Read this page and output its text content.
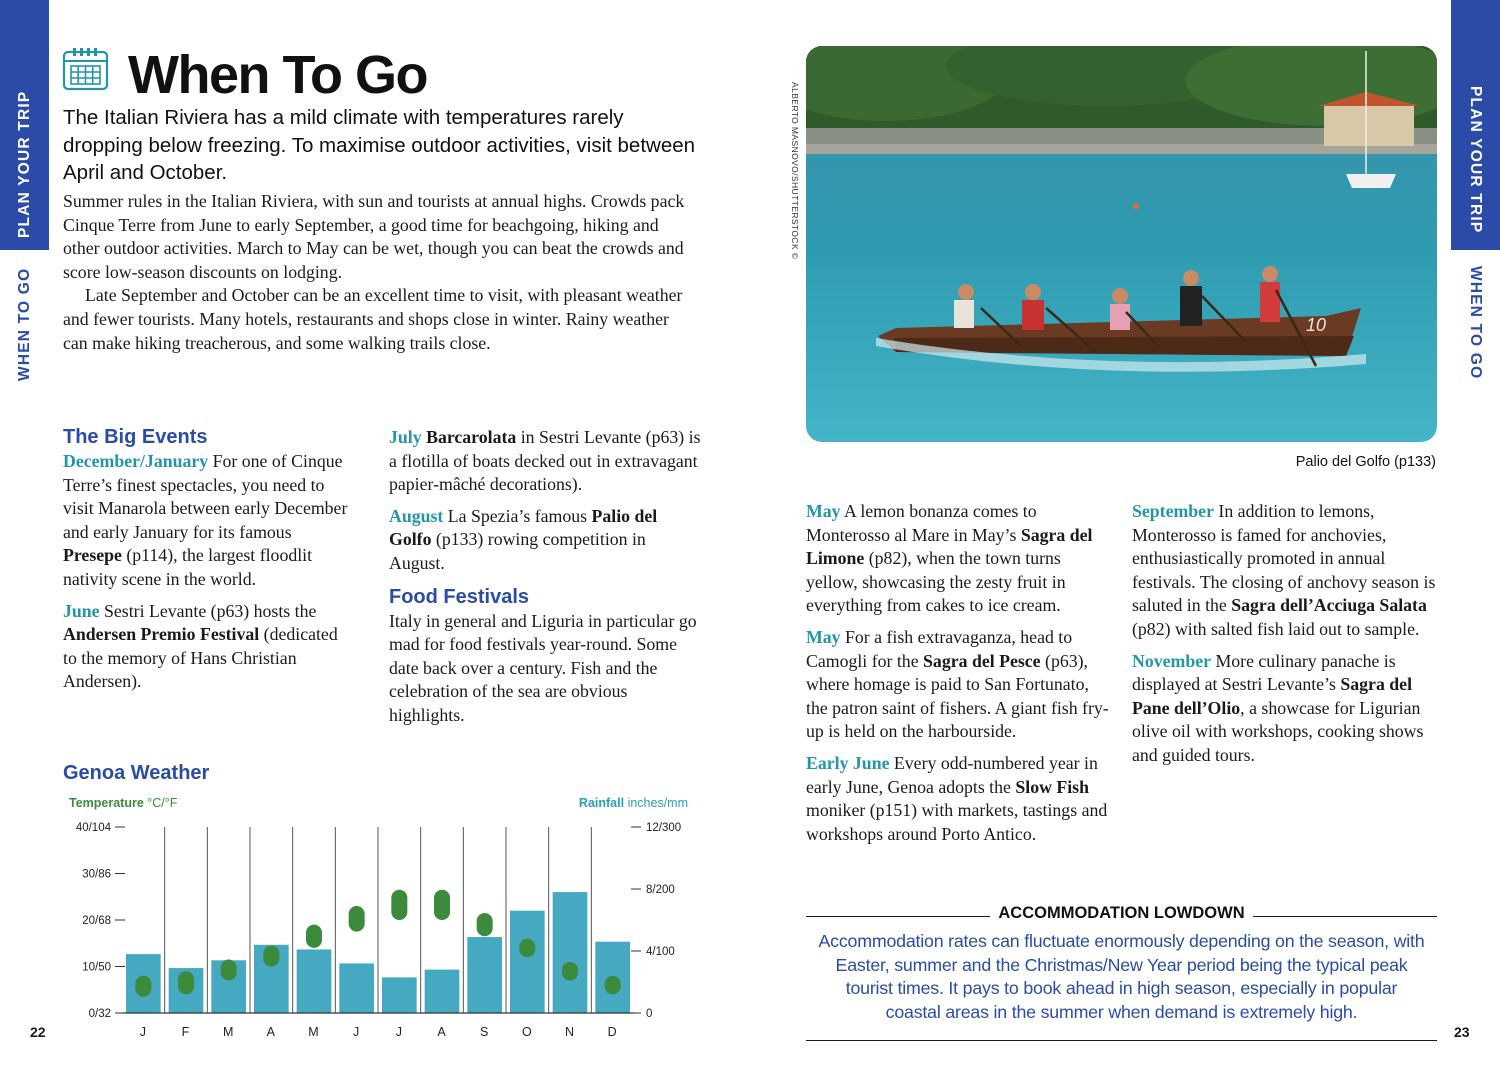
PLAN YOUR TRIP
WHEN TO GO
PLAN YOUR TRIP
WHEN TO GO
22	23
When To Go
The Italian Riviera has a mild climate with temperatures rarely dropping below freezing. To maximise outdoor activities, visit between April and October.

Summer rules in the Italian Riviera, with sun and tourists at annual highs. Crowds pack Cinque Terre from June to early September, a good time for beachgoing, hiking and other outdoor activities. March to May can be wet, though you can beat the crowds and score low-season discounts on lodging.

Late September and October can be an excellent time to visit, with pleasant weather and fewer tourists. Many hotels, restaurants and shops close in winter. Rainy weather can make hiking treacherous, and some walking trails close.

The Big Events

December/January For one of Cinque Terre’s finest spectacles, you need to visit Manarola between early December and early January for its famous Presepe (p114), the largest floodlit nativity scene in the world.

June Sestri Levante (p63) hosts the Andersen Premio Festival (dedicated to the memory of Hans Christian Andersen).

July Barcarolata in Sestri Levante (p63) is a flotilla of boats decked out in extravagant papier-mâché decorations).

August La Spezia’s famous Palio del Golfo (p133) rowing competition in August.

Food Festivals

Italy in general and Liguria in particular go mad for food festivals year-round. Some date back over a century. Fish and the celebration of the sea are obvious highlights.

Genoa Weather
Temperature °C/°F	Rainfall inches/mm
40/104
30/86
20/68
10/50
0/32
12/300
8/200
4/100
0
J	F	M	A	M	J	J	A	S	O	N	D
10
ALBERTO MASNOVO/SHUTTERSTOCK ©
Palio del Golfo (p133)

May A lemon bonanza comes to Monterosso al Mare in May’s Sagra del Limone (p82), when the town turns yellow, showcasing the zesty fruit in everything from cakes to ice cream.

May For a fish extravaganza, head to Camogli for the Sagra del Pesce (p63), where homage is paid to San Fortunato, the patron saint of fishers. A giant fish fry-up is held on the harbourside.

Early June Every odd-numbered year in early June, Genoa adopts the Slow Fish moniker (p151) with markets, tastings and workshops around Porto Antico.

September In addition to lemons, Monterosso is famed for anchovies, enthusiastically promoted in annual festivals. The closing of anchovy season is saluted in the Sagra dell’Acciuga Salata (p82) with salted fish laid out to sample.

November More culinary panache is displayed at Sestri Levante’s Sagra del Pane dell’Olio, a showcase for Ligurian olive oil with workshops, cooking shows and guided tours.

ACCOMMODATION LOWDOWN
Accommodation rates can fluctuate enormously depending on the season, with Easter, summer and the Christmas/New Year period being the typical peak tourist times. It pays to book ahead in high season, especially in popular coastal areas in the summer when demand is extremely high.
